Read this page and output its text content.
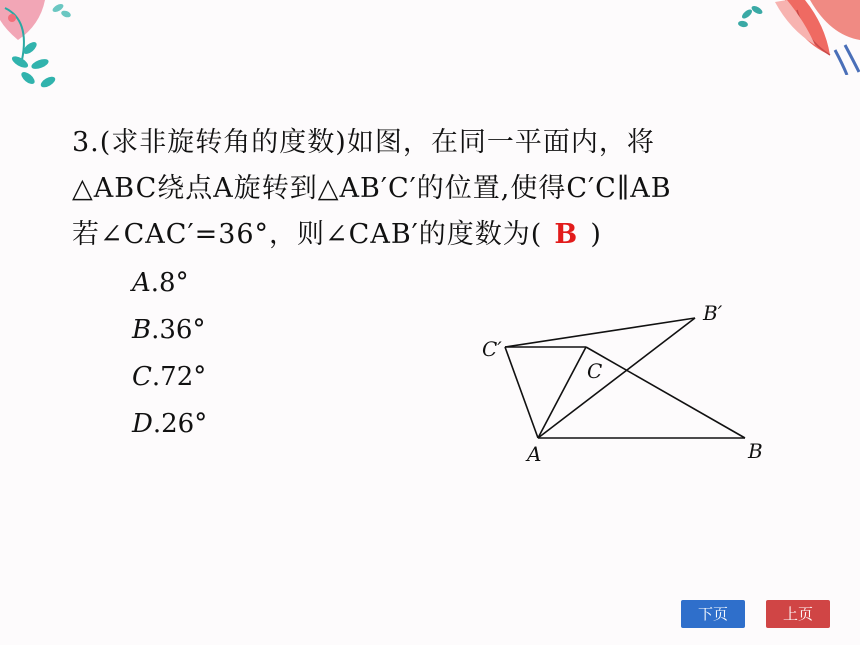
3.(求非旋转角的度数)如图，在同一平面内，将
△ABC绕点A旋转到△AB′C′的位置,使得C′C∥AB
若∠CAC′=36°，则∠CAB′的度数为( B )
A.8°
B.36°
C.72°
D.26°
C′
C
B′
A	B
下页	上页
